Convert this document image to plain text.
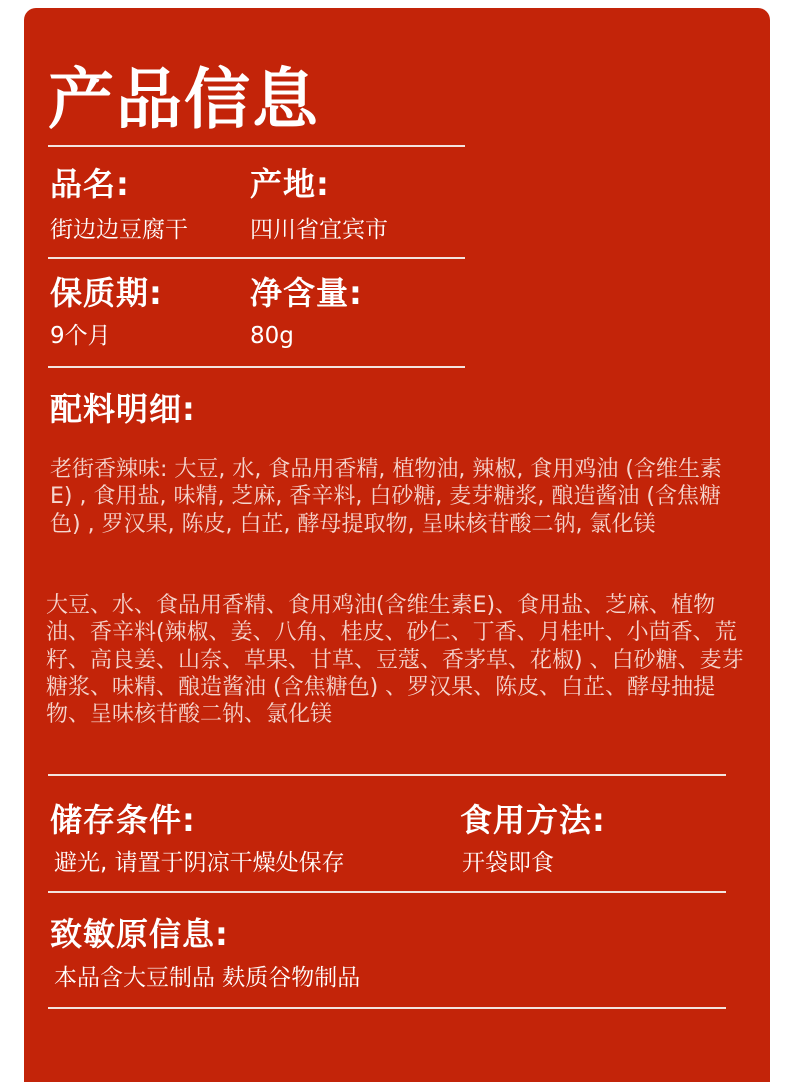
产品信息
品名:
街边边豆腐干
产地:
四川省宜宾市
保质期:
9个月
净含量:
80g
配料明细:

老街香辣味: 大豆, 水, 食品用香精, 植物油, 辣椒, 食用鸡油 (含维生素E) , 食用盐, 味精, 芝麻, 香辛料, 白砂糖, 麦芽糖浆, 酿造酱油 (含焦糖色) , 罗汉果, 陈皮, 白芷, 酵母提取物, 呈味核苷酸二钠, 氯化镁

大豆、水、食品用香精、食用鸡油(含维生素E)、食用盐、芝麻、植物油、香辛料(辣椒、姜、八角、桂皮、砂仁、丁香、月桂叶、小茴香、荒籽、高良姜、山奈、草果、甘草、豆蔻、香茅草、花椒) 、白砂糖、麦芽糖浆、味精、酿造酱油 (含焦糖色) 、罗汉果、陈皮、白芷、酵母抽提物、呈味核苷酸二钠、氯化镁

储存条件:
避光, 请置于阴凉干燥处保存
食用方法:
开袋即食
致敏原信息:
本品含大豆制品 麸质谷物制品
